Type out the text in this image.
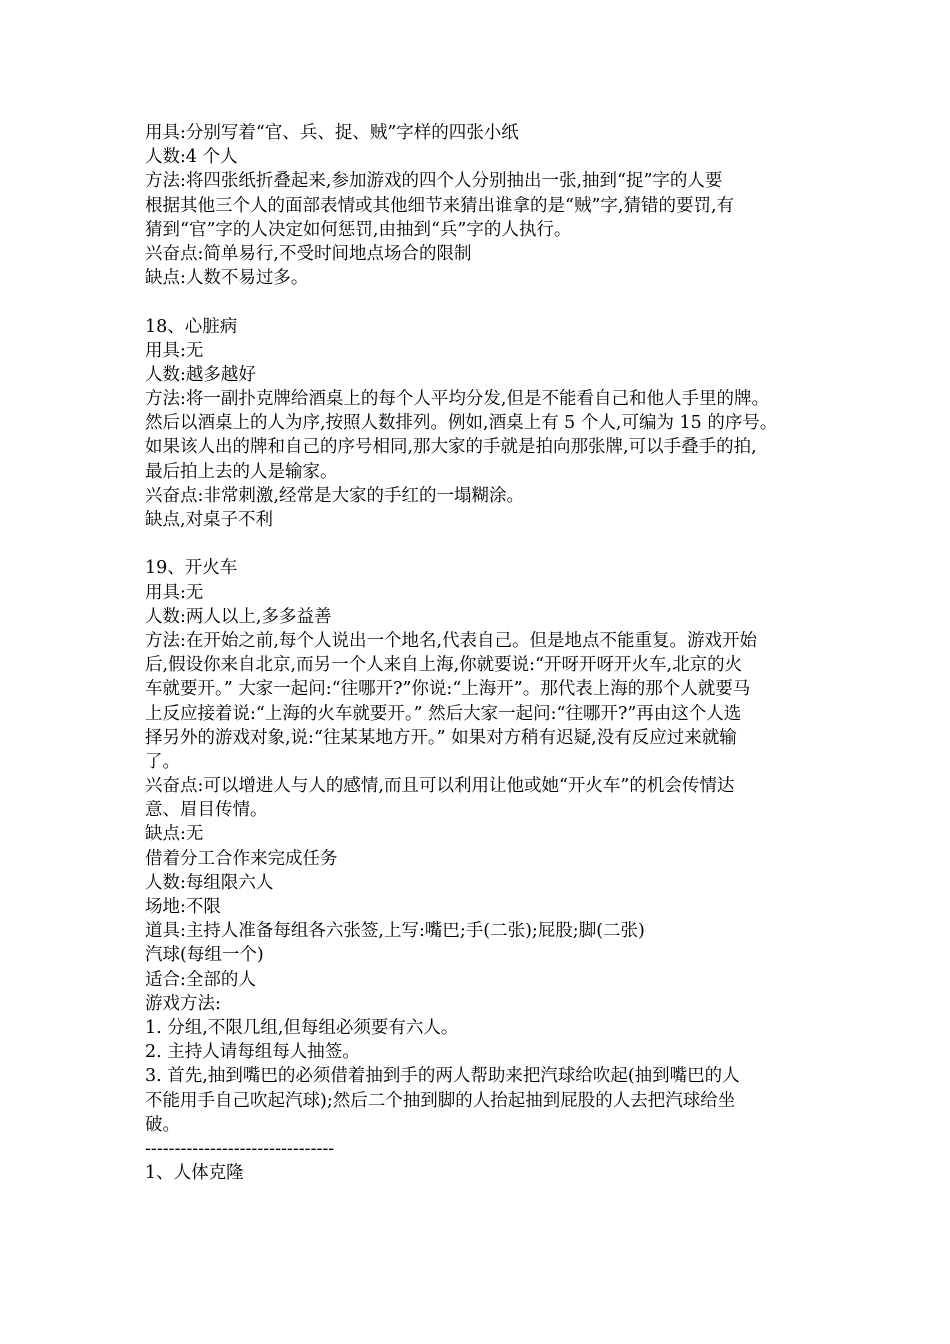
用具:分别写着“官、兵、捉、贼”字样的四张小纸
人数:4 个人
方法:将四张纸折叠起来,参加游戏的四个人分别抽出一张,抽到“捉”字的人要
根据其他三个人的面部表情或其他细节来猜出谁拿的是“贼”字,猜错的要罚,有
猜到“官”字的人决定如何惩罚,由抽到“兵”字的人执行。
兴奋点:简单易行,不受时间地点场合的限制
缺点:人数不易过多。
18、心脏病
用具:无
人数:越多越好
方法:将一副扑克牌给酒桌上的每个人平均分发,但是不能看自己和他人手里的牌。
然后以酒桌上的人为序,按照人数排列。例如,酒桌上有 5 个人,可编为 15 的序号。
如果该人出的牌和自己的序号相同,那大家的手就是拍向那张牌,可以手叠手的拍,
最后拍上去的人是输家。
兴奋点:非常刺激,经常是大家的手红的一塌糊涂。
缺点,对桌子不利
19、开火车
用具:无
人数:两人以上,多多益善
方法:在开始之前,每个人说出一个地名,代表自己。但是地点不能重复。游戏开始
后,假设你来自北京,而另一个人来自上海,你就要说:“开呀开呀开火车,北京的火
车就要开。” 大家一起问:“往哪开?”你说:“上海开”。那代表上海的那个人就要马
上反应接着说:“上海的火车就要开。” 然后大家一起问:“往哪开?”再由这个人选
择另外的游戏对象,说:“往某某地方开。” 如果对方稍有迟疑,没有反应过来就输
了。
兴奋点:可以增进人与人的感情,而且可以利用让他或她“开火车”的机会传情达
意、眉目传情。
缺点:无
借着分工合作来完成任务
人数:每组限六人
场地:不限
道具:主持人准备每组各六张签,上写:嘴巴;手(二张);屁股;脚(二张)
汽球(每组一个)
适合:全部的人
游戏方法:
1. 分组,不限几组,但每组必须要有六人。
2. 主持人请每组每人抽签。
3. 首先,抽到嘴巴的必须借着抽到手的两人帮助来把汽球给吹起(抽到嘴巴的人
不能用手自己吹起汽球);然后二个抽到脚的人抬起抽到屁股的人去把汽球给坐
破。
--------------------------------
1、人体克隆
